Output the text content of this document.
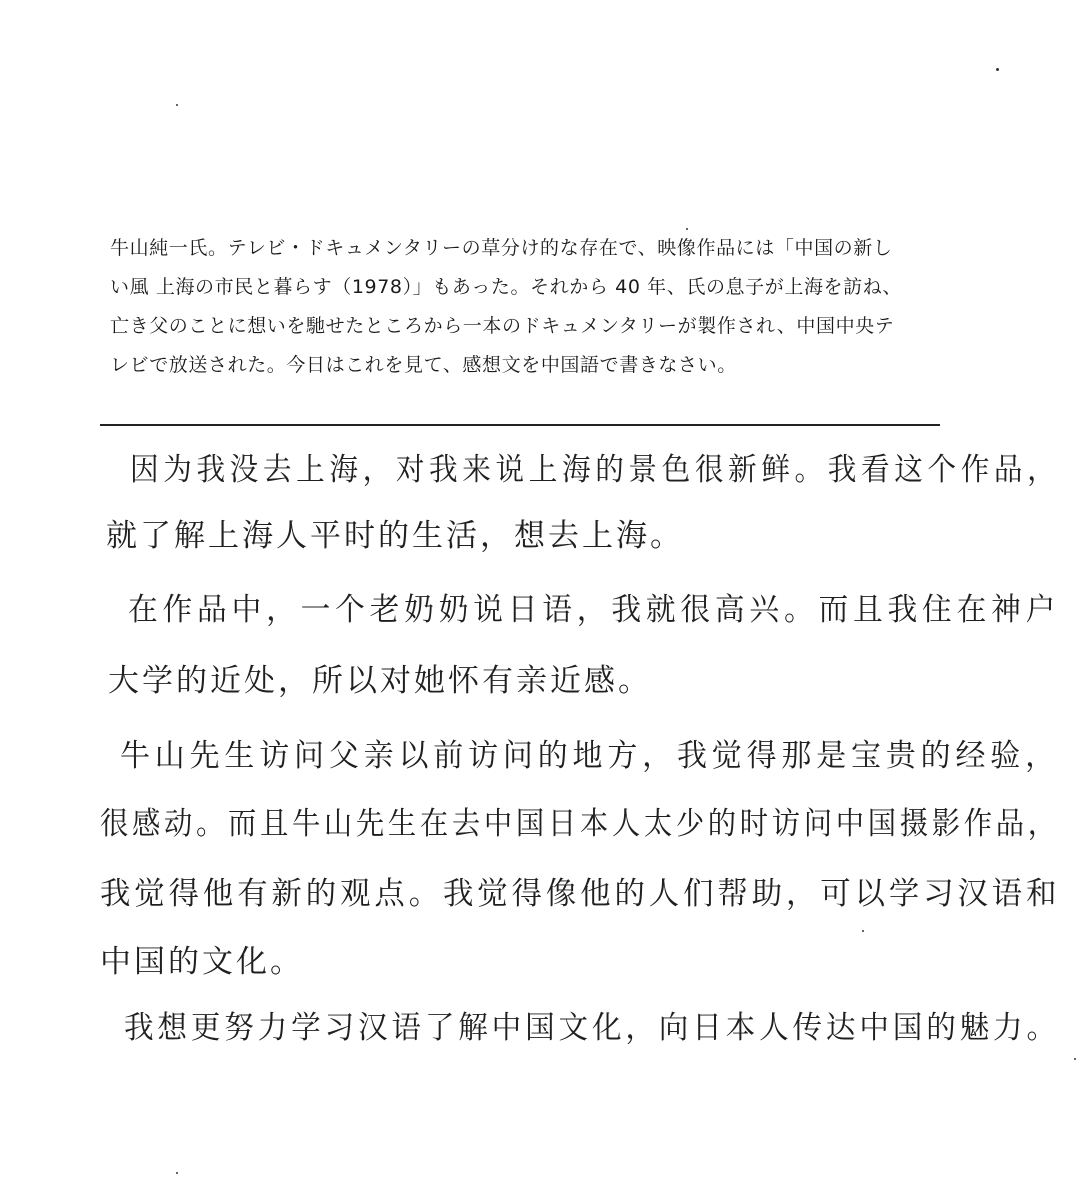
牛山純一氏。テレビ・ドキュメンタリーの草分け的な存在で、映像作品には「中国の新し
い風 上海の市民と暮らす（1978）」もあった。それから 40 年、氏の息子が上海を訪ね、
亡き父のことに想いを馳せたところから一本のドキュメンタリーが製作され、中国中央テ
レビで放送された。今日はこれを見て、感想文を中国語で書きなさい。
因为我没去上海，对我来说上海的景色很新鲜。我看这个作品，
就了解上海人平时的生活，想去上海。
在作品中，一个老奶奶说日语，我就很高兴。而且我住在神户
大学的近处，所以对她怀有亲近感。
牛山先生访问父亲以前访问的地方，我觉得那是宝贵的经验，
很感动。而且牛山先生在去中国日本人太少的时访问中国摄影作品，
我觉得他有新的观点。我觉得像他的人们帮助，可以学习汉语和
中国的文化。
我想更努力学习汉语了解中国文化，向日本人传达中国的魅力。
